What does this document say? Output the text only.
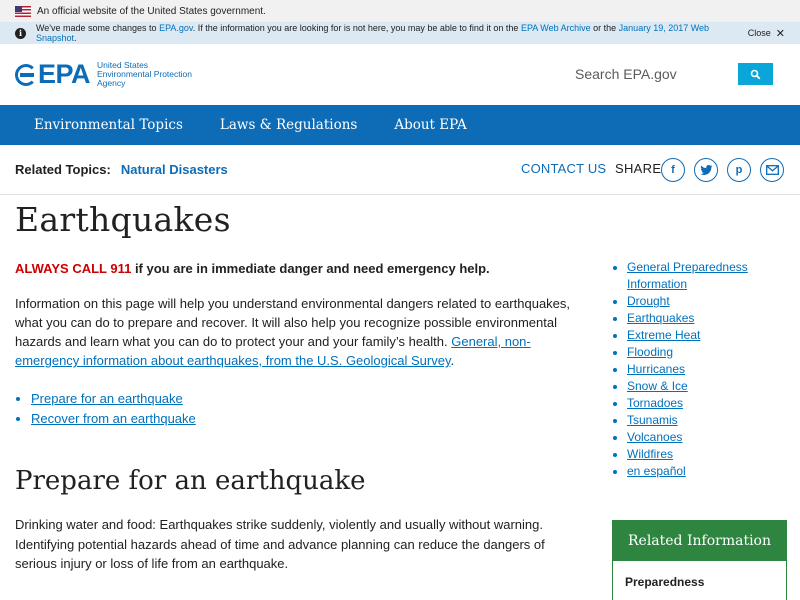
An official website of the United States government.
i	We've made some changes to EPA.gov. If the information you are looking for is not here, you may be able to find it on the EPA Web Archive or the January 19, 2017 Web Snapshot.	Close ✕
EPA United States
Environmental Protection
Agency
Search EPA.gov
Environmental Topics	Laws & Regulations	About EPA
Related Topics: Natural Disasters	CONTACT US SHARE f	p
Earthquakes

ALWAYS CALL 911 if you are in immediate danger and need emergency help.

Information on this page will help you understand environmental dangers related to earthquakes, what you can do to prepare and recover. It will also help you recognize possible environmental hazards and learn what you can do to protect your and your family’s health. General, non-emergency information about earthquakes, from the U.S. Geological Survey.

• Prepare for an earthquake
• Recover from an earthquake
Prepare for an earthquake

Drinking water and food: Earthquakes strike suddenly, violently and usually without warning. Identifying potential hazards ahead of time and advance planning can reduce the dangers of serious injury or loss of life from an earthquake.

• General Preparedness Information
• Drought
• Earthquakes
• Extreme Heat
• Flooding
• Hurricanes
• Snow & Ice
• Tornadoes
• Tsunamis
• Volcanoes
• Wildfires
• en español
Related Information
Preparedness
